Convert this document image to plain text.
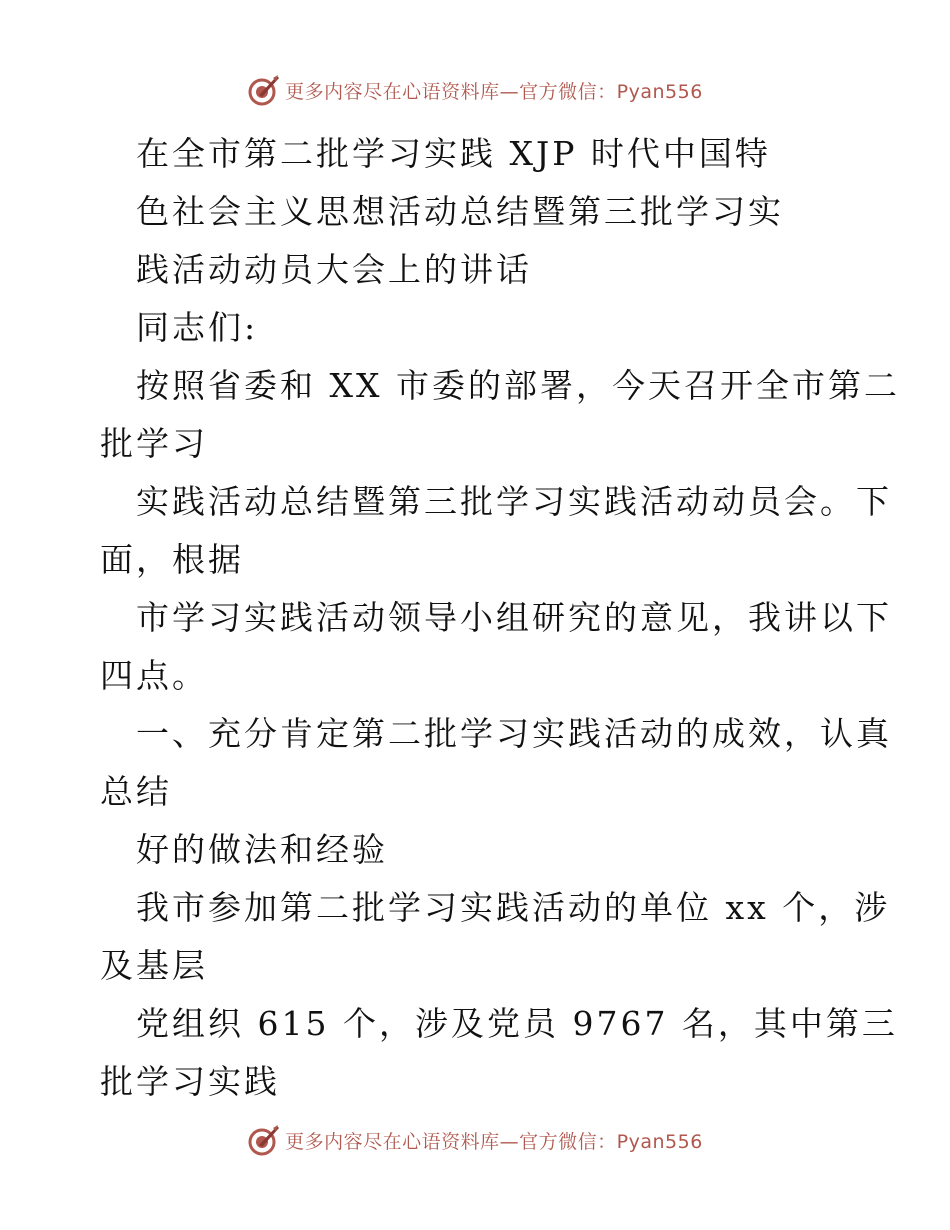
更多内容尽在心语资料库—官方微信：Pyan556
在全市第二批学习实践 XJP 时代中国特
色社会主义思想活动总结暨第三批学习实
践活动动员大会上的讲话
同志们:
按照省委和 XX 市委的部署，今天召开全市第二
批学习
实践活动总结暨第三批学习实践活动动员会。下
面，根据
市学习实践活动领导小组研究的意见，我讲以下
四点。
一、充分肯定第二批学习实践活动的成效，认真
总结
好的做法和经验
我市参加第二批学习实践活动的单位 xx 个，涉
及基层
党组织 615 个，涉及党员 9767 名，其中第三
批学习实践
更多内容尽在心语资料库—官方微信：Pyan556
